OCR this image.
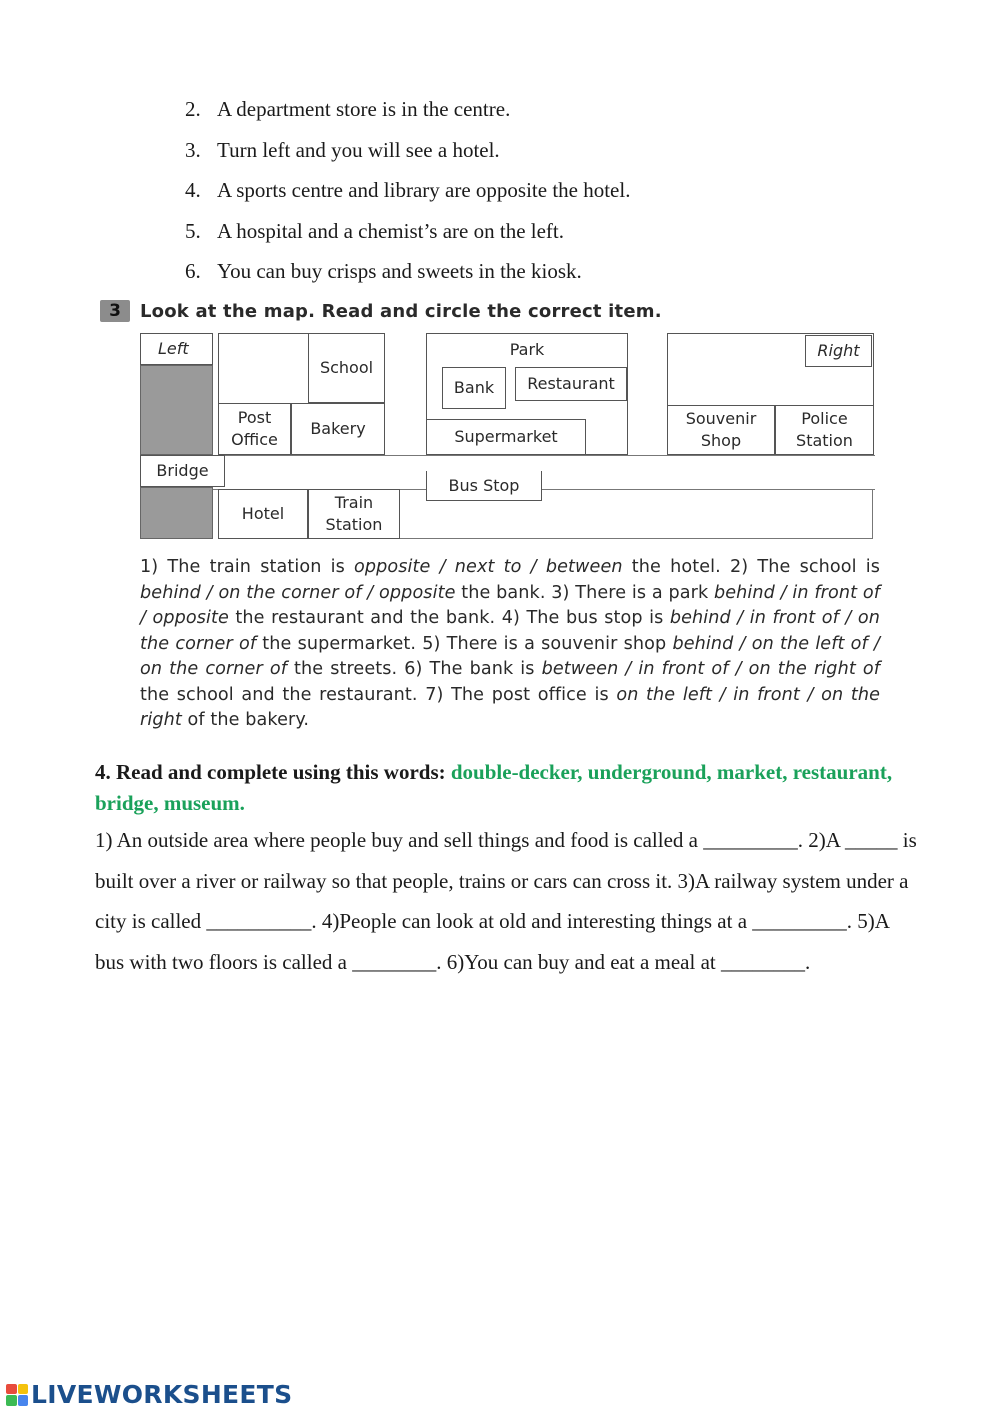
2. A department store is in the centre.
3. Turn left and you will see a hotel.
4. A sports centre and library are opposite the hotel.
5. A hospital and a chemist’s are on the left.
6. You can buy crisps and sweets in the kiosk.
3	Look at the map. Read and circle the correct item.
Left
School
Post
Office
Bakery
Park
Bank	Restaurant
Supermarket
Right
Souvenir
Shop
Police
Station
Bridge
Bus Stop
Hotel
Train
Station
1) The train station is opposite / next to / between the hotel. 2) The school is behind / on the corner of / opposite the bank. 3) There is a park behind / in front of / opposite the restaurant and the bank. 4) The bus stop is behind / in front of / on the corner of the supermarket. 5) There is a souvenir shop behind / on the left of / on the corner of the streets. 6) The bank is between / in front of / on the right of the school and the restaurant. 7) The post office is on the left / in front / on the right of the bakery.
4. Read and complete using this words: double-decker, underground, market, restaurant, bridge, museum.
1) An outside area where people buy and sell things and food is called a _________. 2)A _____ is built over a river or railway so that people, trains or cars can cross it. 3)A railway system under a city is called __________. 4)People can look at old and interesting things at a _________. 5)A bus with two floors is called a ________. 6)You can buy and eat a meal at ________.
LIVEWORKSHEETS
